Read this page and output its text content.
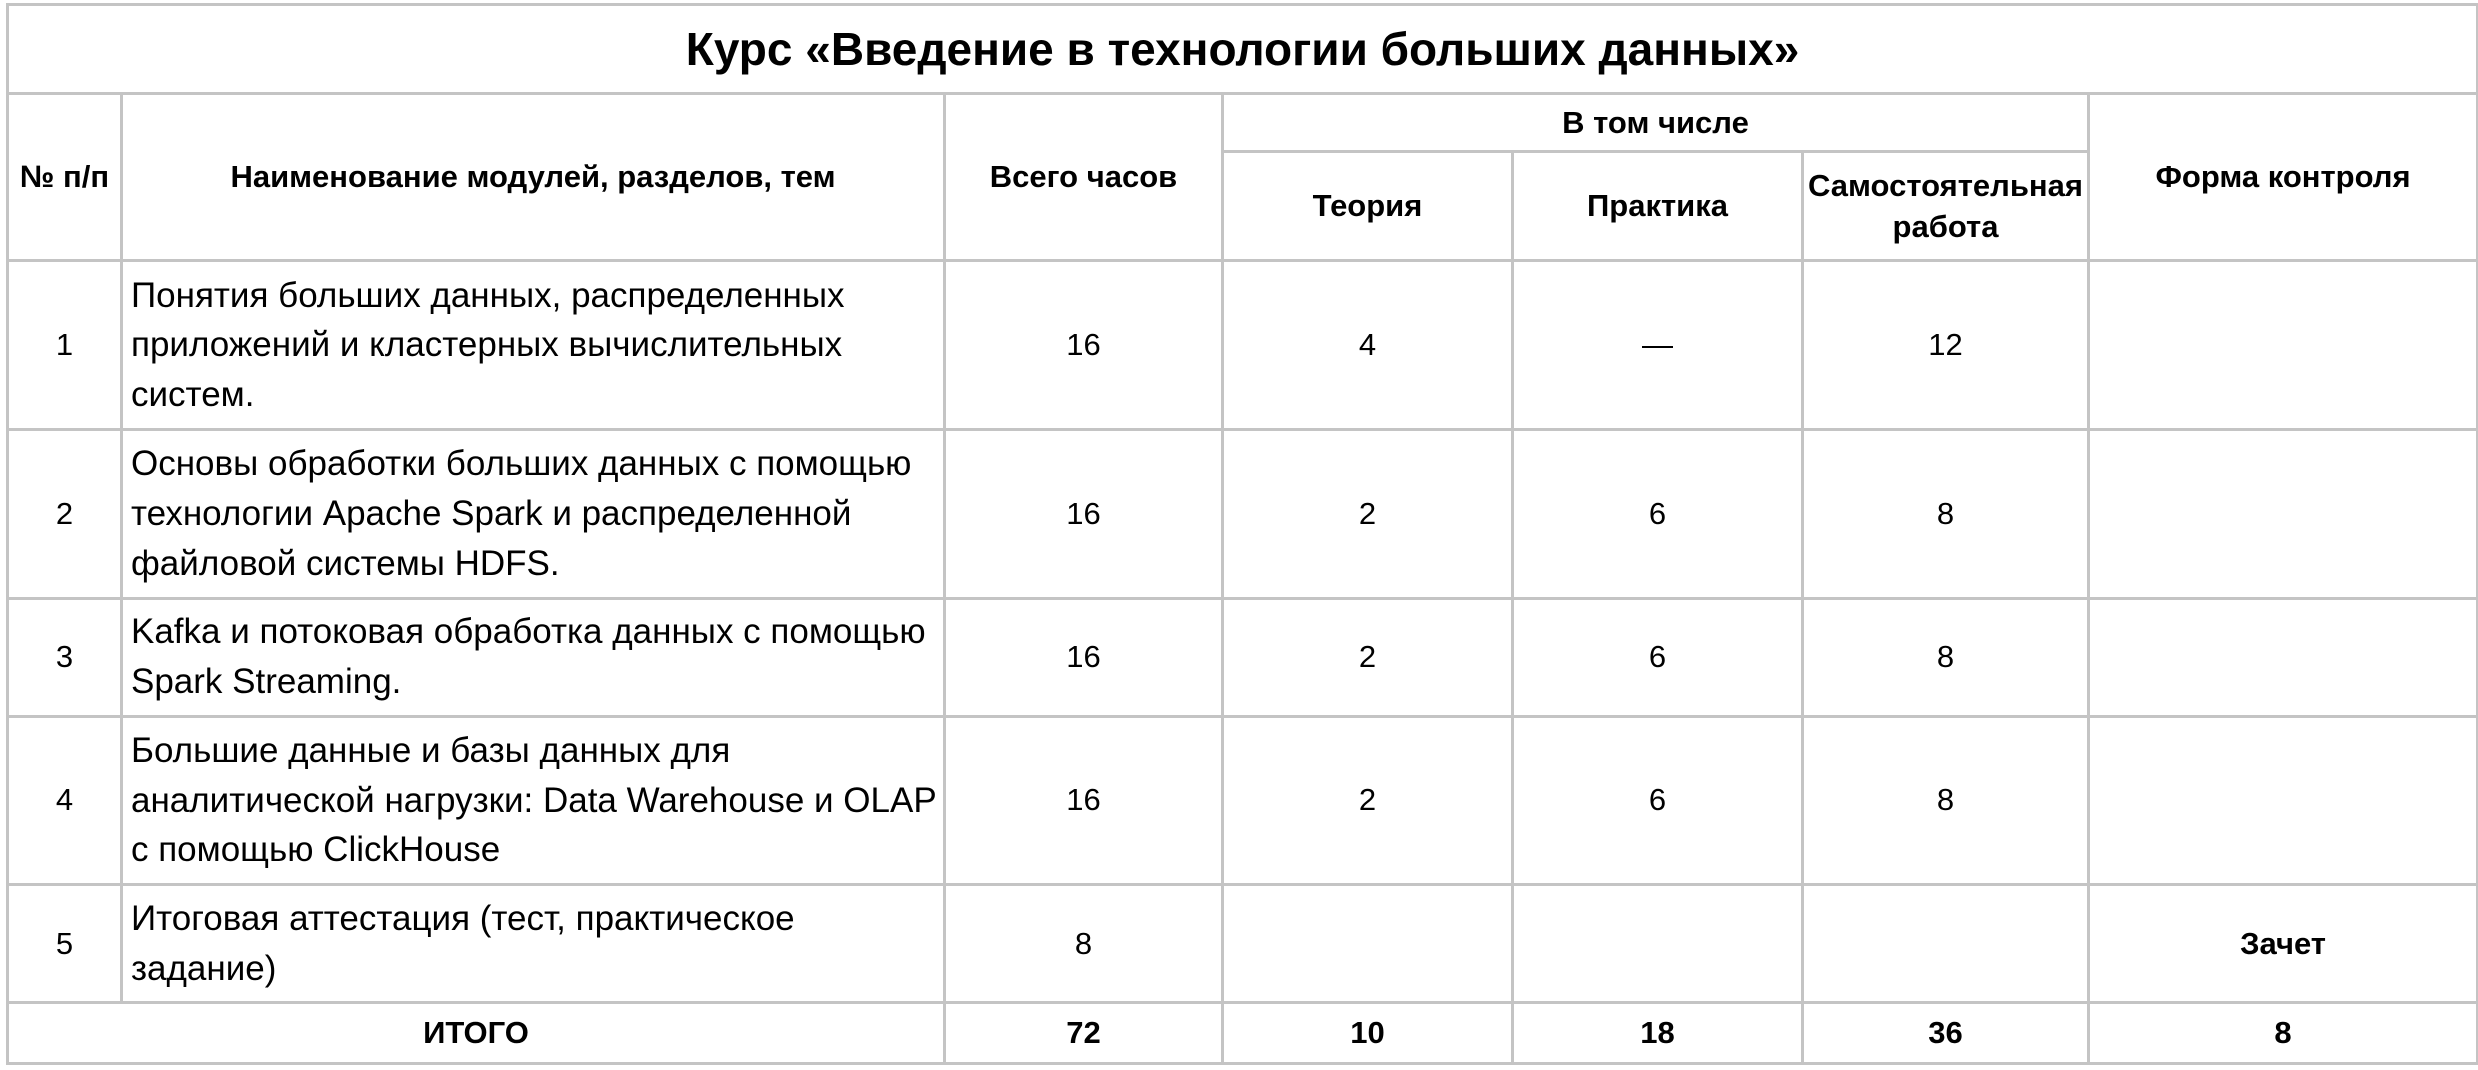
Курс «Введение в технологии больших данных»						
№ п/п	Наименование модулей, разделов, тем	Всего часов	В том числе			Форма контроля
			Теория	Практика	Самостоятельная работа	
1	Понятия больших данных, распределенных приложений и кластерных вычислительных систем.	16	4	—	12	
2	Основы обработки больших данных с помощью технологии Apache Spark и распределенной файловой системы HDFS.	16	2	6	8	
3	Kafka и потоковая обработка данных с помощью Spark Streaming.	16	2	6	8	
4	Большие данные и базы данных для аналитической нагрузки: Data Warehouse и OLAP с помощью ClickHouse	16	2	6	8	
5	Итоговая аттестация (тест, практическое задание)	8				Зачет
ИТОГО		72	10	18	36	8
